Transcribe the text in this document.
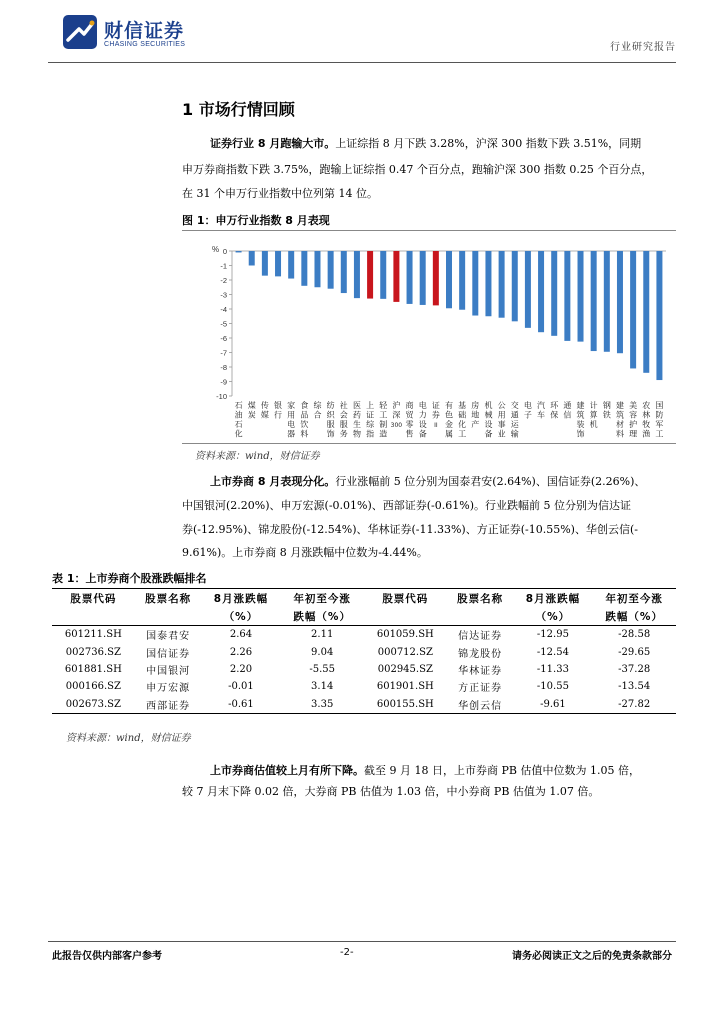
财信证券
CHASING SECURITIES	行业研究报告
1 市场行情回顾
证券行业 8 月跑输大市。上证综指 8 月下跌 3.28%，沪深 300 指数下跌 3.51%，同期
申万券商指数下跌 3.75%，跑输上证综指 0.47 个百分点，跑输沪深 300 指数 0.25 个百分点，
在 31 个申万行业指数中位列第 14 位。
图 1：申万行业指数 8 月表现
% 0
-1
-2
-3
-4
-5
-6
-7
-8
-9
-10
石油石化
煤炭
传媒
银行
家用电器
食品饮料
综合
纺织服饰
社会服务
医药生物
上证综指
轻工制造
沪深 300
商贸零售
电力设备
证券 II
有色金属
基础化工
房地产
机械设备
公用事业
交通运输
电子
汽车
环保
通信
建筑装饰
计算机
钢铁
建筑材料
美容护理
农林牧渔
国防军工
资料来源：wind，财信证券
上市券商 8 月表现分化。行业涨幅前 5 位分别为国泰君安(2.64%)、国信证券(2.26%)、
中国银河(2.20%)、申万宏源(-0.01%)、西部证券(-0.61%)。行业跌幅前 5 位分别为信达证
券(-12.95%)、锦龙股份(-12.54%)、华林证券(-11.33%)、方正证券(-10.55%)、华创云信(-
9.61%)。上市券商 8 月涨跌幅中位数为-4.44%。
表 1：上市券商个股涨跌幅排名
股票代码	股票名称	8月涨跌幅	年初至今涨	股票代码	股票名称	8月涨跌幅	年初至今涨
		（%）	跌幅（%）			（%）	跌幅（%）
601211.SH	国泰君安	2.64	2.11	601059.SH	信达证券	-12.95	-28.58
002736.SZ	国信证券	2.26	9.04	000712.SZ	锦龙股份	-12.54	-29.65
601881.SH	中国银河	2.20	-5.55	002945.SZ	华林证券	-11.33	-37.28
000166.SZ	申万宏源	-0.01	3.14	601901.SH	方正证券	-10.55	-13.54
002673.SZ	西部证券	-0.61	3.35	600155.SH	华创云信	-9.61	-27.82
资料来源：wind，财信证券
上市券商估值较上月有所下降。截至 9 月 18 日，上市券商 PB 估值中位数为 1.05 倍，
较 7 月末下降 0.02 倍，大券商 PB 估值为 1.03 倍，中小券商 PB 估值为 1.07 倍。
此报告仅供内部客户参考	-2-	请务必阅读正文之后的免责条款部分
